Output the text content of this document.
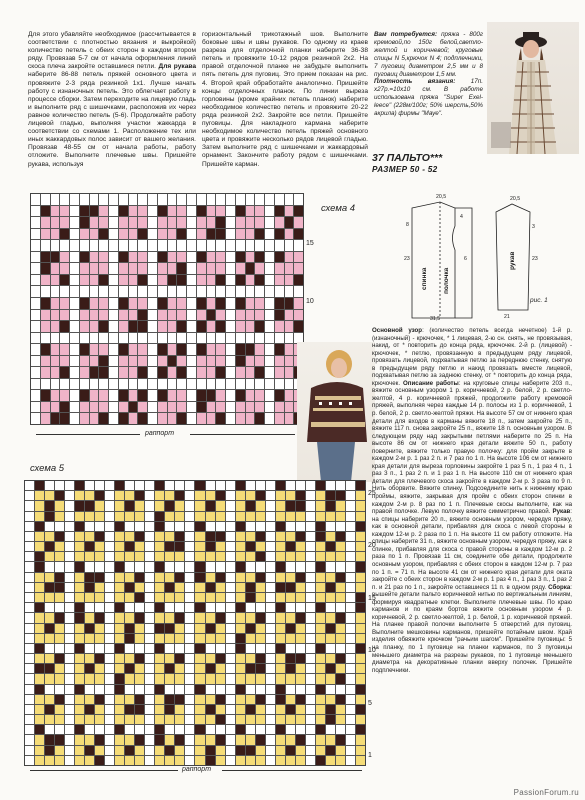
Для этого убавляйте необходимое (рассчитывается в соответствии с плотностью вязания и выкройкой) количество петель с обеих сторон в каждом втором ряду. Провязав 5-7 см от начала оформления линий скоса плеча закройте оставшиеся петли. Для рукава наберите 86-88 петель пряжей основного цвета и провяжите 2-3 ряда резинкой 1х1. Лучше начать работу с изнаночных петель. Это облегчает работу в процессе сборки. Затем переходите на лицевую гладь и выполните ряд с шишечками, расположив их через равное количество петель (5-6). Продолжайте работу лицевой гладью, выполняя участки жаккарда в соответствии со схемами 1. Расположение тех или иных жаккардовых полос зависит от вашего желания. Провязав 48-55 см от начала работы, работу отложите. Выполните плечевые швы. Пришейте рукава, используя
горизонтальный трикотажный шов. Выполните боковые швы и швы рукавов. По одному из краев разреза для отделочной планки наберите 36-38 петель и провяжите 10-12 рядов резинкой 2х2. На правой отделочной планке не забудьте выполнить пять петель для пуговиц. Это прием показан на рис. 4. Второй край обработайте аналогично. Пришейте концы отделочных планок. По линии выреза горловины (кроме крайних петель планок) наберите необходимое количество петель и провяжите 20-22 ряда резинкой 2х2. Закройте все петли. Пришейте пуговицы. Для накладного кармана наберите необходимое количество петель пряжей основного цвета и провяжите несколько рядов лицевой гладью. Затем выполните ряд с шишечками и жаккардовый орнамент. Закончите работу рядом с шишечками. Пришейте карман.
Вам потребуется: пряжа - 800г кремовой,по 150г белой,светло-желтой и коричневой; круговые спицы N 5,крючок N 4; подплечники, 7 пуговиц диаметром 2,5 мм и 8 пуговиц диаметром 1,5 мм.
Плотность вязания: 17п. х27р.=10х10 см. В работе использована пряжа "Super Exel-leece" (228м/100г; 50% шерсть,50% акрила) фирмы "Мауе".
37 ПАЛЬТО***
РАЗМЕР 50 - 52
20,5
8
4
23
20,5
3
23
6
31,5	21
спинка полочка
рукав
рис. 1
схема 4
15
10
раппорт
схема 5
25
20
15
10
5
1
раппорт
Основной узор: (количество петель всегда нечетное) 1-й р. (изнаночный) - крючочек, * 1 лицевая, 2-ю сн. снять, не провязывая, накид, от * повторить до конца ряда, крючочек. 2-й р. (лицевой) - крючочек, * петлю, провязанную в предыдущем ряду лицевой, провязать лицевой, подхватывая петлю за переднюю стенку, снятую в предыдущем ряду петлю и накид провязать вместе лицевой, подхватывая петлю за заднюю стенку, от * повторить до конца ряда, крючочек. Описание работы: на круговые спицы наберите 203 п., вяжите основным узором 1 р. коричневой, 2 р. белой, 2 р. светло-желтой, 4 р. коричневой пряжей, продолжите работу кремовой пряжей, выполняя через каждые 14 р. полосы из 1 р. коричневой, 1 р. белой, 2 р. светло-желтой пряжи. На высоте 57 см от нижнего края детали для входов в карманы вяжите 18 п., затем закройте 25 п., вяжите 117 п. снова закройте 25 п., вяжите 18 п. основным узором. В следующем ряду над закрытыми петлями наберите по 25 п. На высоте 86 см от нижнего края детали вяжите 50 п., работу поверните, вяжите только правую полочку: для пройм закрыте в каждом 2-м р. 1 раз 2 п. и 7 раз по 1 п. На высоте 106 см от нижнего края детали для выреза горловины закройте 1 раз 5 п., 1 раз 4 п., 1 раз 3 п., 1 раз 2 п. и 1 раз 1 п. На высоте 110 см от нижнего края детали для плечевого скоса закройте в каждом 2-м р. 3 раза по 9 п. Нить оборвите. Вяжите спинку. Подсоедините нить к нижнему краю проймы, вяжите, закрывая для пройм с обеих сторон спинки в каждом 2-м р. 8 раз по 1 п. Плечевые скосы выполните, как на правой полочке. Левую полочку вяжите симметрично правой. Рукав: на спицы наберите 20 п., вяжите основным узором, чередуя пряжу, как в основной детали, прибавляя для скоса с левой стороны в каждом 12-м р. 2 раза по 1 п. На высоте 11 см работу отложите. На спицы наберите 31 п., вяжите основным узором, чередуя пряжу, как в спинке, прибавляя для скоса с правой стороны в каждом 12-м р. 2 раза по 1 п. Провязав 11 см, соедините обе детали, продолжите основным узором, прибавляя с обеих сторон в каждом 12-м р. 7 раз по 1 п. = 71 п. На высоте 41 см от нижнего края детали для оката закройте с обеих сторон в каждом 2-м р. 1 раз 4 п., 1 раз 3 п., 1 раз 2 п. и 21 раз по 1 п., закройте оставшиеся 11 п. в одном ряду. Сборка: вышейте детали пальто коричневой нитью по вертикальным линиям, формируя квадратные клетки. Выполните плечевые швы. По краю карманов и по краям бортов вяжите основным узором 4 р. коричневой, 2 р. светло-желтой, 1 р. белой, 1 р. коричневой пряжей. На планке правой полочки выполните 5 отверстий для пуговиц. Выполните мешковины карманов, пришейте потайным швом. Край изделия обвяжите крючком "рачьим шагом". Пришейте пуговицы: 5 на планку, по 1 пуговице на планки карманов, по 3 пуговицы меньшего диаметра на разрезы рукавов, по 1 пуговице меньшего диаметра на декоративные планки вверху полочек. Пришейте подплечники.
PassionForum.ru
